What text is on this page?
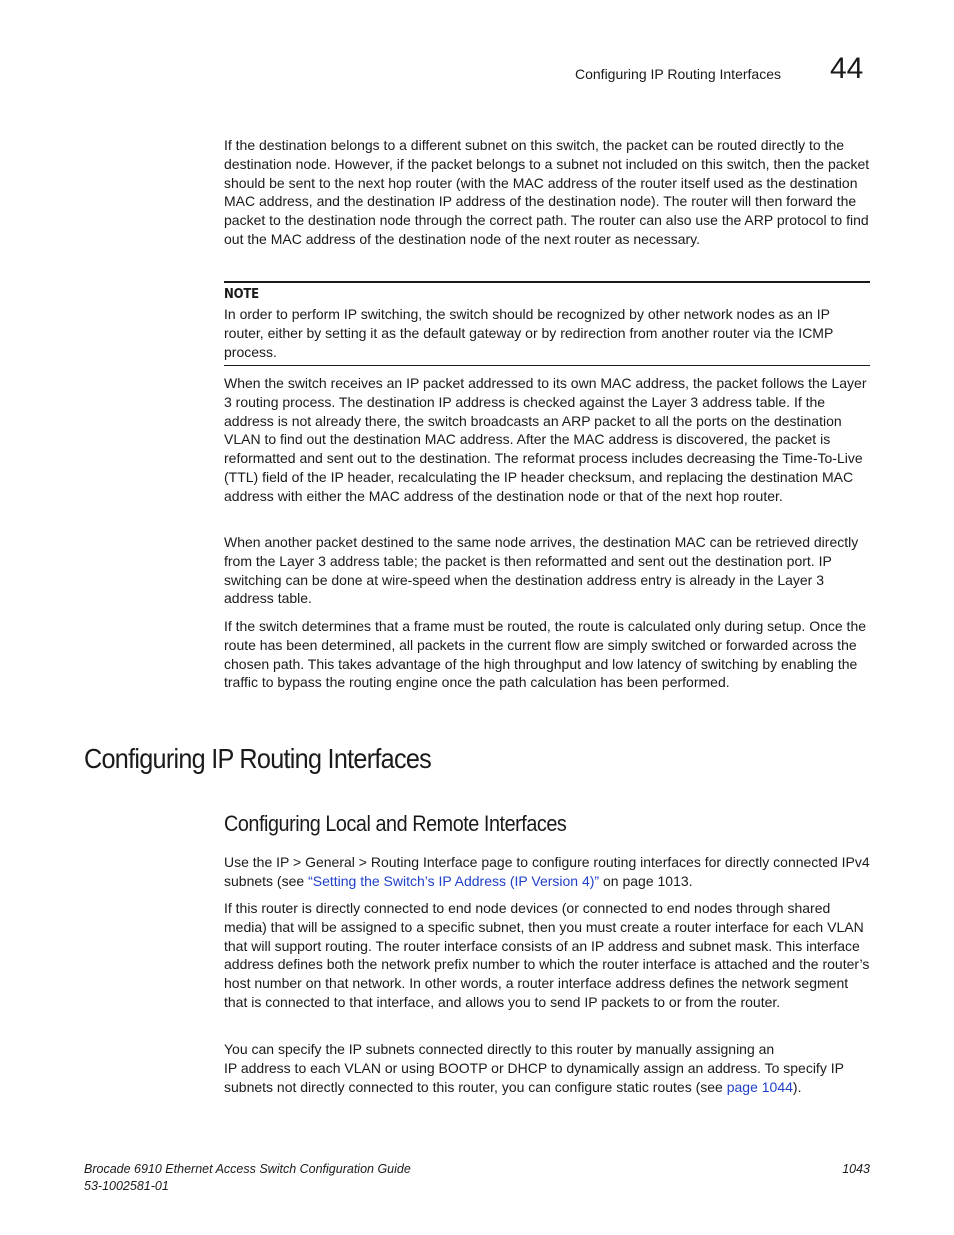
Configuring IP Routing Interfaces 44

If the destination belongs to a different subnet on this switch, the packet can be routed directly to the destination node. However, if the packet belongs to a subnet not included on this switch, then the packet should be sent to the next hop router (with the MAC address of the router itself used as the destination MAC address, and the destination IP address of the destination node). The router will then forward the packet to the destination node through the correct path. The router can also use the ARP protocol to find out the MAC address of the destination node of the next router as necessary.

NOTE
In order to perform IP switching, the switch should be recognized by other network nodes as an IP router, either by setting it as the default gateway or by redirection from another router via the ICMP process.

When the switch receives an IP packet addressed to its own MAC address, the packet follows the Layer 3 routing process. The destination IP address is checked against the Layer 3 address table. If the address is not already there, the switch broadcasts an ARP packet to all the ports on the destination VLAN to find out the destination MAC address. After the MAC address is discovered, the packet is reformatted and sent out to the destination. The reformat process includes decreasing the Time-To-Live (TTL) field of the IP header, recalculating the IP header checksum, and replacing the destination MAC address with either the MAC address of the destination node or that of the next hop router.

When another packet destined to the same node arrives, the destination MAC can be retrieved directly from the Layer 3 address table; the packet is then reformatted and sent out the destination port. IP switching can be done at wire-speed when the destination address entry is already in the Layer 3 address table.

If the switch determines that a frame must be routed, the route is calculated only during setup. Once the route has been determined, all packets in the current flow are simply switched or forwarded across the chosen path. This takes advantage of the high throughput and low latency of switching by enabling the traffic to bypass the routing engine once the path calculation has been performed.

Configuring IP Routing Interfaces
Configuring Local and Remote Interfaces

Use the IP > General > Routing Interface page to configure routing interfaces for directly connected IPv4 subnets (see “Setting the Switch’s IP Address (IP Version 4)” on page 1013.

If this router is directly connected to end node devices (or connected to end nodes through shared media) that will be assigned to a specific subnet, then you must create a router interface for each VLAN that will support routing. The router interface consists of an IP address and subnet mask. This interface address defines both the network prefix number to which the router interface is attached and the router’s host number on that network. In other words, a router interface address defines the network segment that is connected to that interface, and allows you to send IP packets to or from the router.

You can specify the IP subnets connected directly to this router by manually assigning an
IP address to each VLAN or using BOOTP or DHCP to dynamically assign an address. To specify IP subnets not directly connected to this router, you can configure static routes (see page 1044).

Brocade 6910 Ethernet Access Switch Configuration Guide
53-1002581-01
1043
